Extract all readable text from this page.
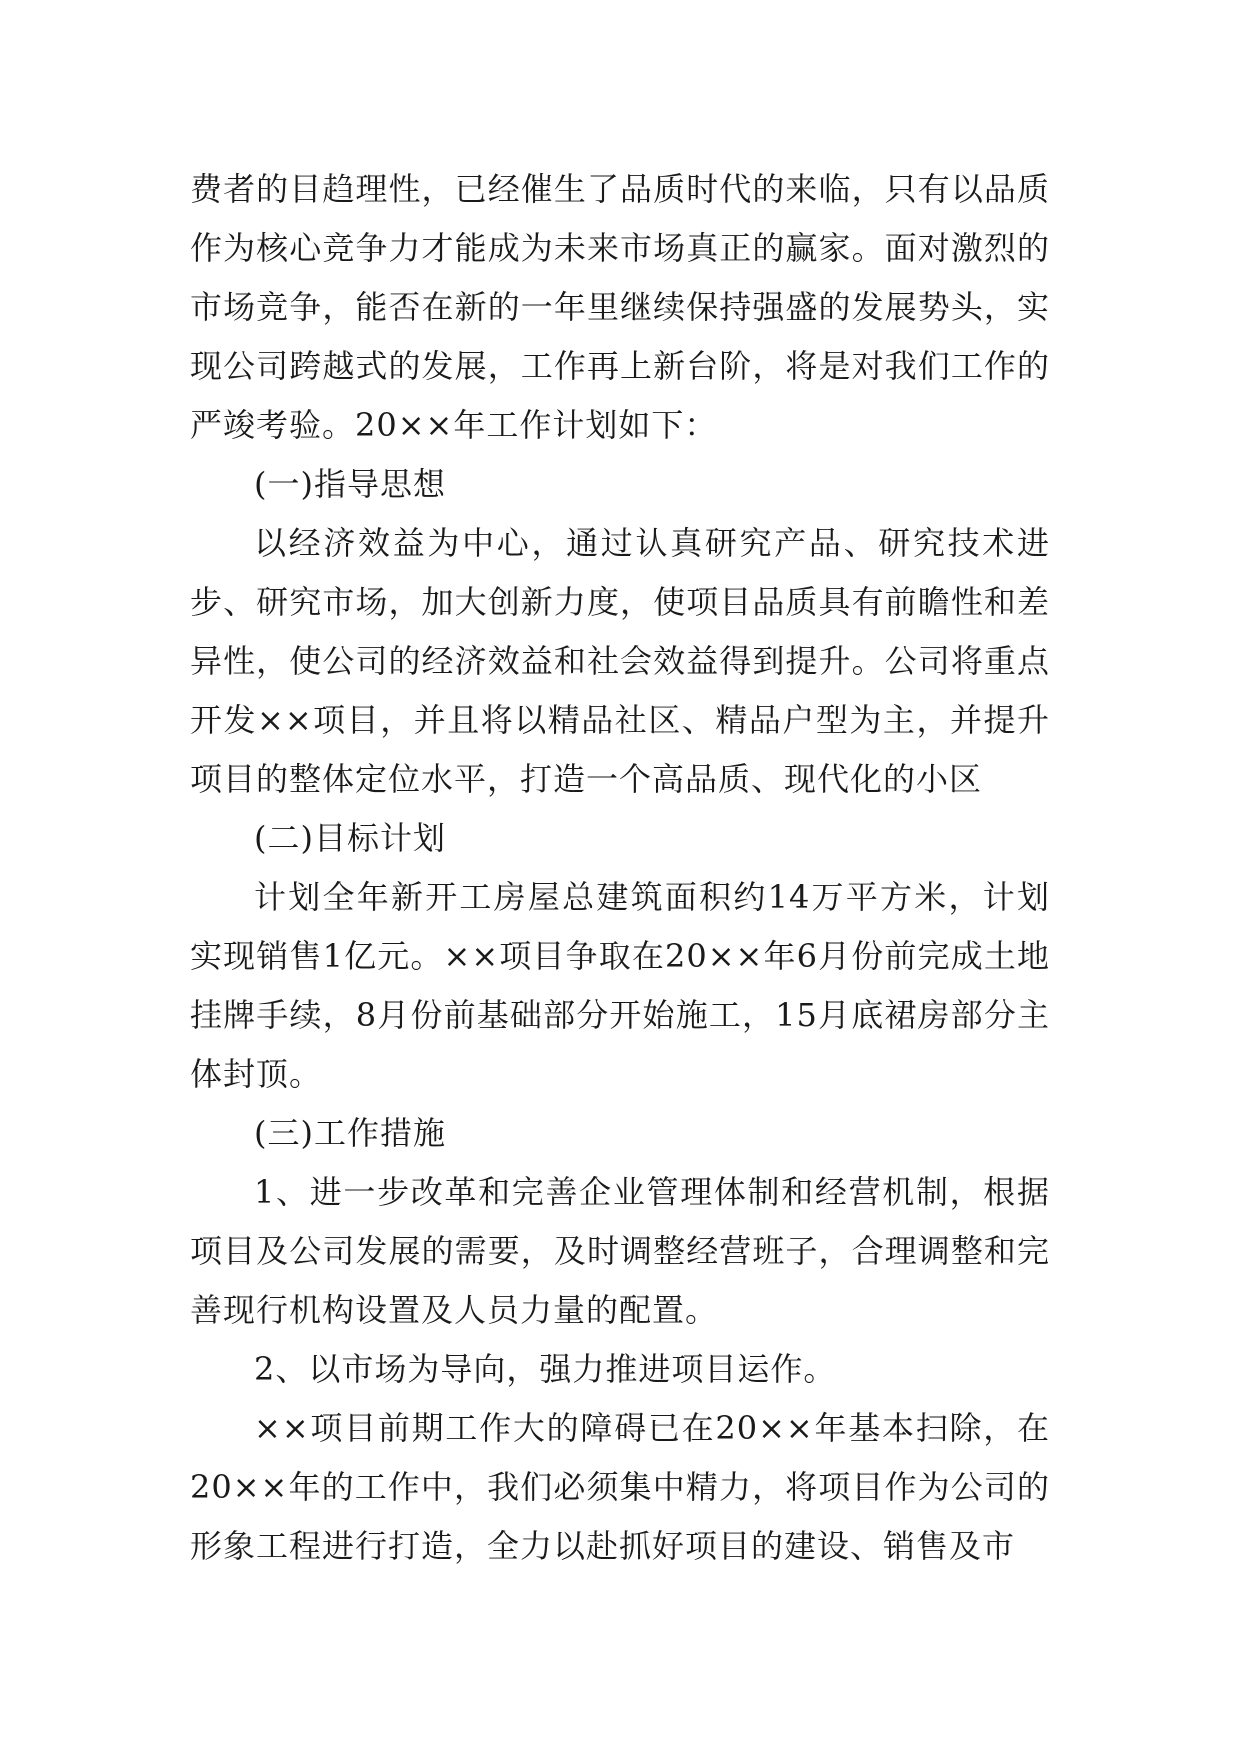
费者的目趋理性，已经催生了品质时代的来临，只有以品质作为核心竞争力才能成为未来市场真正的赢家。面对激烈的市场竞争，能否在新的一年里继续保持强盛的发展势头，实现公司跨越式的发展，工作再上新台阶，将是对我们工作的严竣考验。20××年工作计划如下：

(一)指导思想

以经济效益为中心，通过认真研究产品、研究技术进步、研究市场，加大创新力度，使项目品质具有前瞻性和差异性，使公司的经济效益和社会效益得到提升。公司将重点开发××项目，并且将以精品社区、精品户型为主，并提升项目的整体定位水平，打造一个高品质、现代化的小区

(二)目标计划

计划全年新开工房屋总建筑面积约14万平方米，计划实现销售1亿元。××项目争取在20××年6月份前完成土地挂牌手续，8月份前基础部分开始施工，15月底裙房部分主体封顶。

(三)工作措施

1、进一步改革和完善企业管理体制和经营机制，根据项目及公司发展的需要，及时调整经营班子，合理调整和完善现行机构设置及人员力量的配置。

2、以市场为导向，强力推进项目运作。

××项目前期工作大的障碍已在20××年基本扫除，在20××年的工作中，我们必须集中精力，将项目作为公司的形象工程进行打造，全力以赴抓好项目的建设、销售及市
